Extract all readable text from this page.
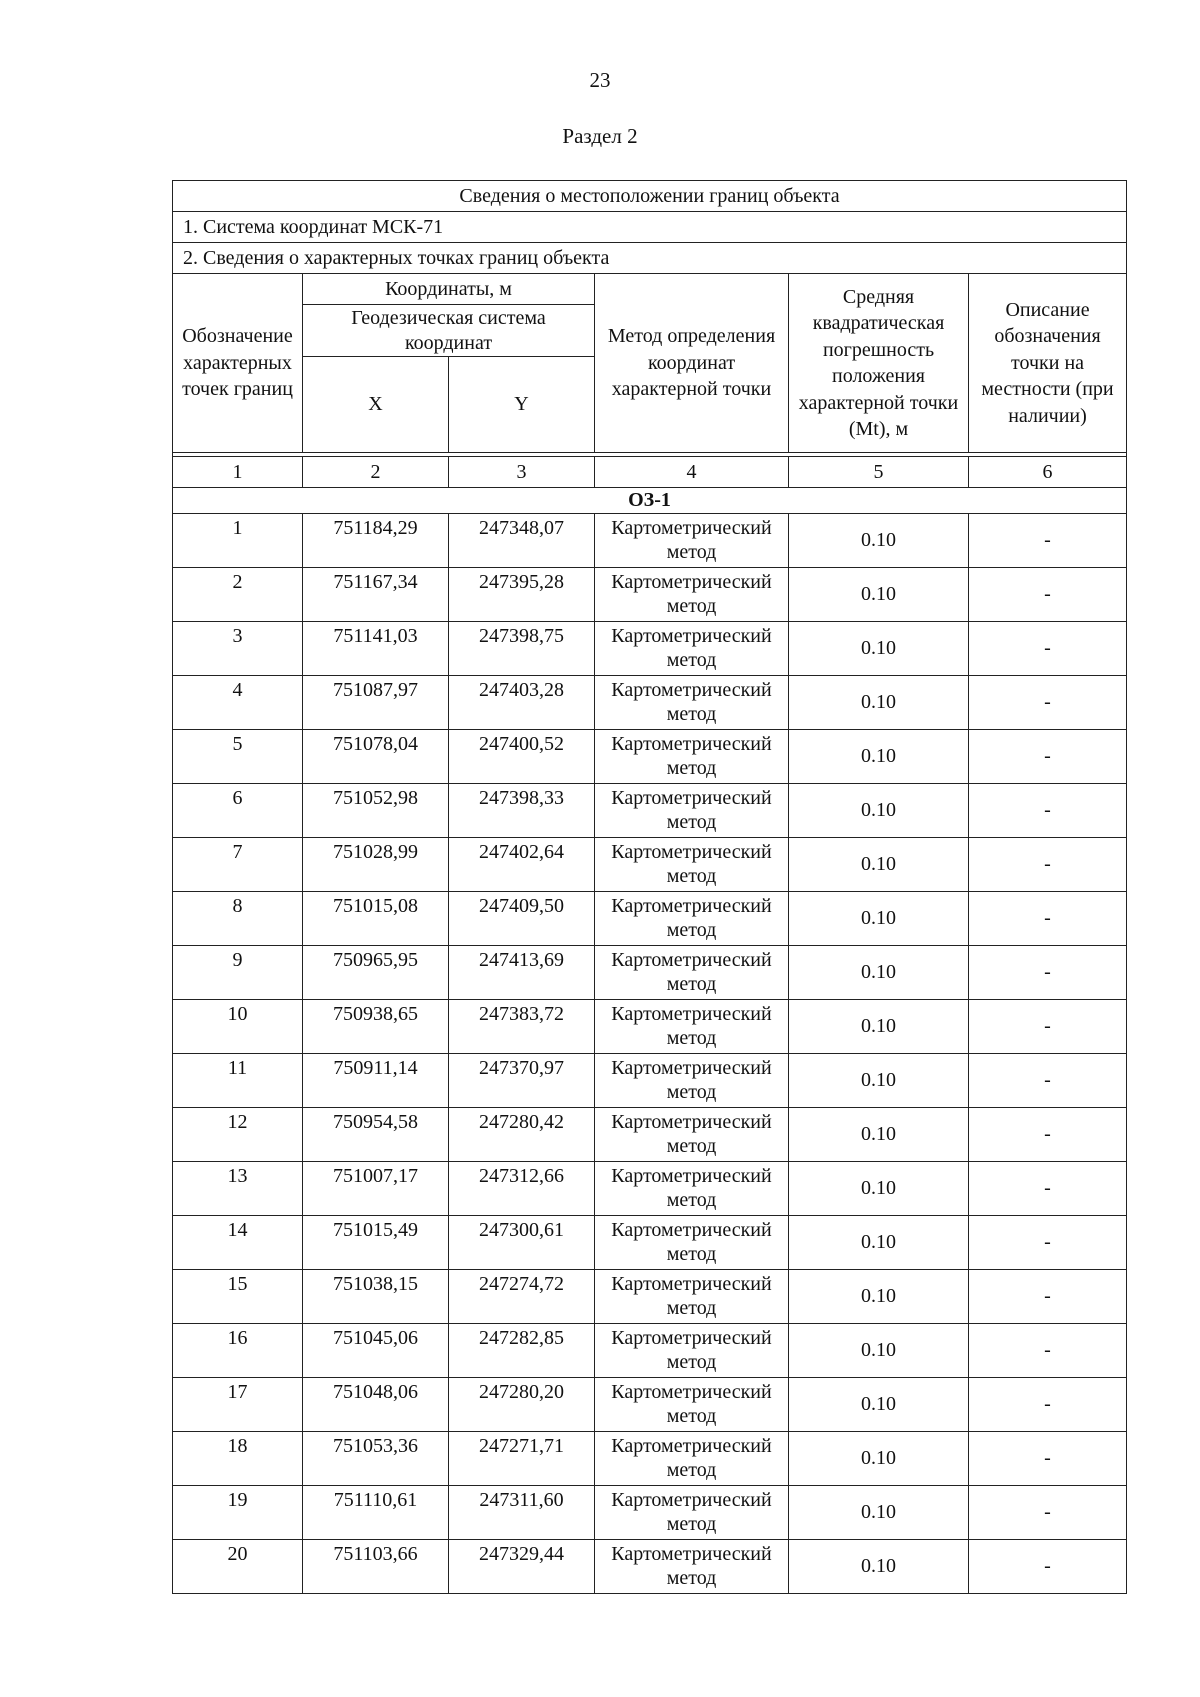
23
Раздел 2
Сведения о местоположении границ объекта					
1. Система координат МСК-71					
2. Сведения о характерных точках границ объекта					
Обозначение характерных точек границ	Координаты, м		Метод определения координат характерной точки	Средняя квадратическая погрешность положения характерной точки (Mt), м	Описание обозначения точки на местности (при наличии)
	Геодезическая система координат				
	X	Y			

1	2	3	4	5	6
ОЗ-1					
1	751184,29	247348,07	Картометрический метод	0.10	-
2	751167,34	247395,28	Картометрический метод	0.10	-
3	751141,03	247398,75	Картометрический метод	0.10	-
4	751087,97	247403,28	Картометрический метод	0.10	-
5	751078,04	247400,52	Картометрический метод	0.10	-
6	751052,98	247398,33	Картометрический метод	0.10	-
7	751028,99	247402,64	Картометрический метод	0.10	-
8	751015,08	247409,50	Картометрический метод	0.10	-
9	750965,95	247413,69	Картометрический метод	0.10	-
10	750938,65	247383,72	Картометрический метод	0.10	-
11	750911,14	247370,97	Картометрический метод	0.10	-
12	750954,58	247280,42	Картометрический метод	0.10	-
13	751007,17	247312,66	Картометрический метод	0.10	-
14	751015,49	247300,61	Картометрический метод	0.10	-
15	751038,15	247274,72	Картометрический метод	0.10	-
16	751045,06	247282,85	Картометрический метод	0.10	-
17	751048,06	247280,20	Картометрический метод	0.10	-
18	751053,36	247271,71	Картометрический метод	0.10	-
19	751110,61	247311,60	Картометрический метод	0.10	-
20	751103,66	247329,44	Картометрический метод	0.10	-
